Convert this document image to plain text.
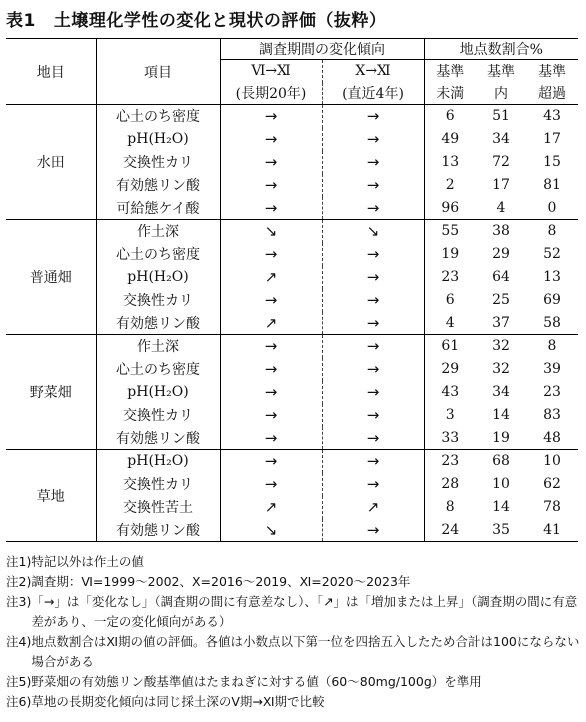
表1 土壌理化学性の変化と現状の評価（抜粋）
地目	項目	調査期間の変化傾向		地点数割合%		
		Ⅵ→Ⅺ	Ⅹ→Ⅺ	基準	基準	基準
		(長期20年)	(直近4年)	未満	内	超過
水田	心土のち密度	→	→	6	51	43
	pH(H₂O)	→	→	49	34	17
	交換性カリ	→	→	13	72	15
	有効態リン酸	→	→	2	17	81
	可給態ケイ酸	→	→	96	4	0
普通畑	作土深	↘	↘	55	38	8
	心土のち密度	→	→	19	29	52
	pH(H₂O)	↗	→	23	64	13
	交換性カリ	→	→	6	25	69
	有効態リン酸	↗	→	4	37	58
野菜畑	作土深	→	→	61	32	8
	心土のち密度	→	→	29	32	39
	pH(H₂O)	→	→	43	34	23
	交換性カリ	→	→	3	14	83
	有効態リン酸	→	→	33	19	48
草地	pH(H₂O)	→	→	23	68	10
	交換性カリ	→	→	28	10	62
	交換性苦土	↗	↗	8	14	78
	有効態リン酸	↘	→	24	35	41
注1) 特記以外は作土の値
注2) 調査期：Ⅵ=1999〜2002、Ⅹ=2016〜2019、Ⅺ=2020〜2023年
注3) 「→」は「変化なし」（調査期の間に有意差なし）、「↗」は「増加または上昇」（調査期の間に有意差があり、一定の変化傾向がある）
注4) 地点数割合はⅪ期の値の評価。各値は小数点以下第一位を四捨五入したため合計は100にならない場合がある
注5) 野菜畑の有効態リン酸基準値はたまねぎに対する値（60〜80mg/100g）を準用
注6) 草地の長期変化傾向は同じ採土深のⅤ期→Ⅺ期で比較
